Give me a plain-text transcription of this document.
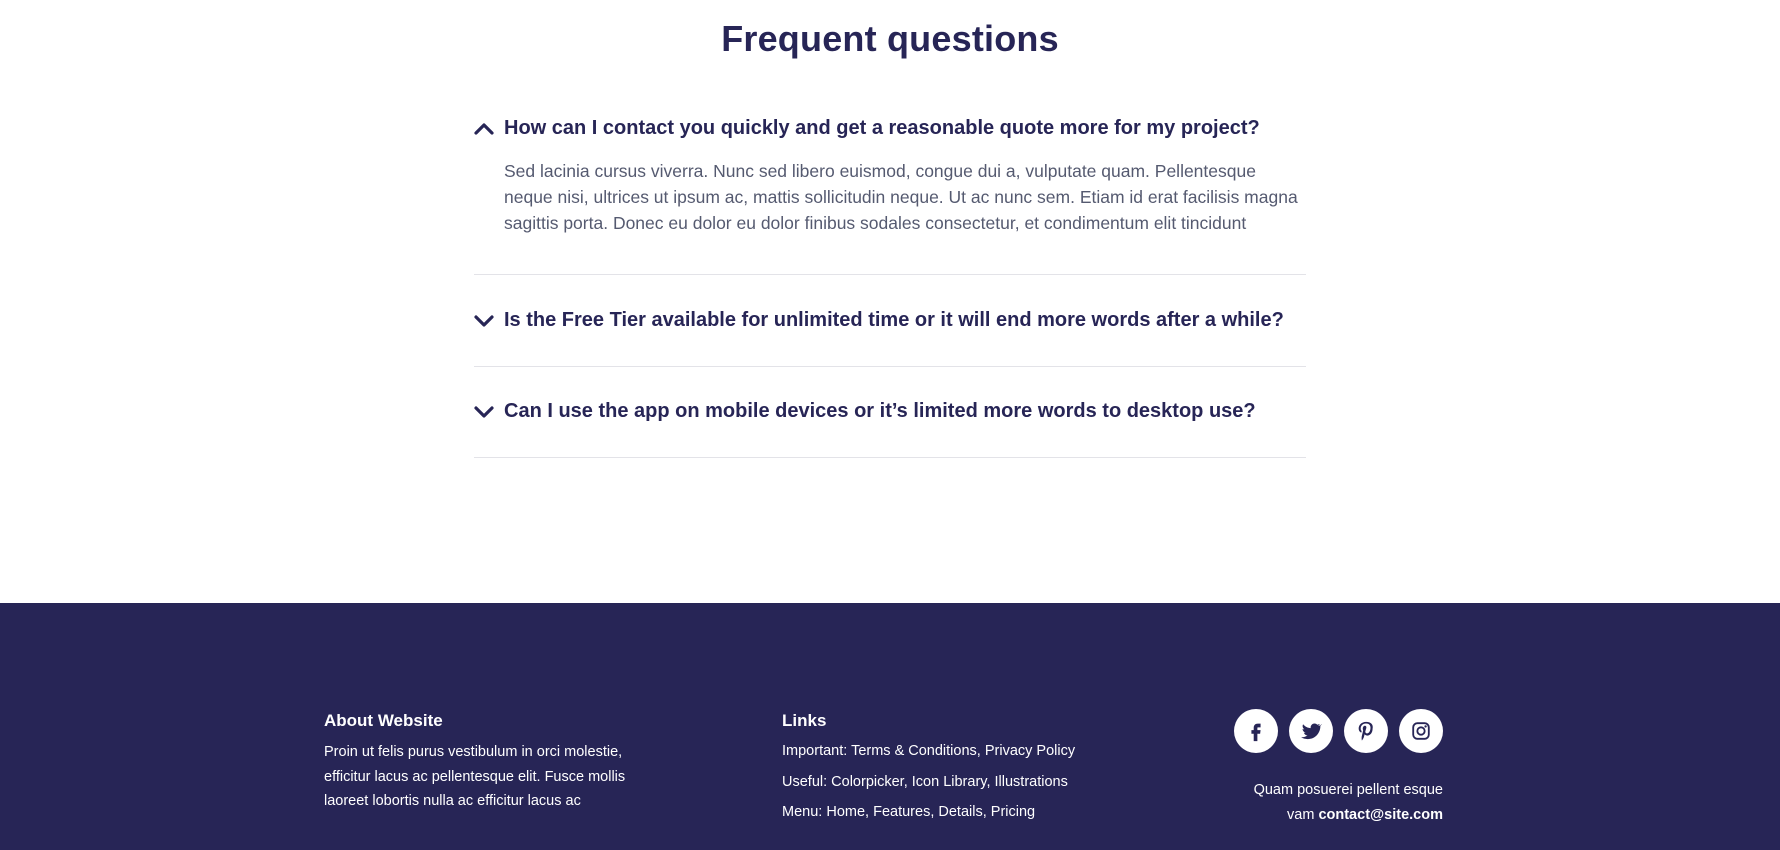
Frequent questions
How can I contact you quickly and get a reasonable quote more for my project?

Sed lacinia cursus viverra. Nunc sed libero euismod, congue dui a, vulputate quam. Pellentesque neque nisi, ultrices ut ipsum ac, mattis sollicitudin neque. Ut ac nunc sem. Etiam id erat facilisis magna sagittis porta. Donec eu dolor eu dolor finibus sodales consectetur, et condimentum elit tincidunt

Is the Free Tier available for unlimited time or it will end more words after a while?
Can I use the app on mobile devices or it’s limited more words to desktop use?
About Website

Proin ut felis purus vestibulum in orci molestie, efficitur lacus ac pellentesque elit. Fusce mollis laoreet lobortis nulla ac efficitur lacus ac

Links
Important: Terms & Conditions, Privacy Policy
Useful: Colorpicker, Icon Library, Illustrations
Menu: Home, Features, Details, Pricing
Quam posuerei pellent esque
vam contact@site.com
